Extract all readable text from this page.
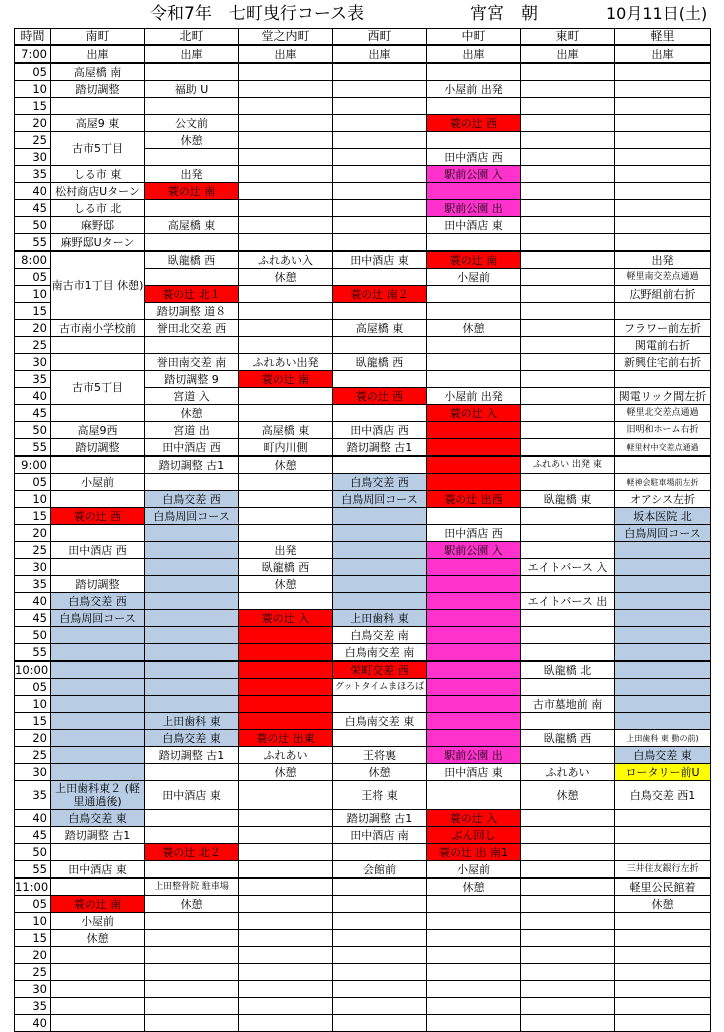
令和7年　七町曳行コース表	宵宮　朝	10月11日(土)
時間	南町	北町	堂之内町	西町	中町	東町	軽里
7:00	出庫	出庫	出庫	出庫	出庫	出庫	出庫
05	高屋橋 南						
10	踏切調整	福助 U			小屋前 出発		
15							
20	高屋9 東	公文前			蓑の辻 西		
25	古市5丁目	休憩					
30					田中酒店 西		
35	しる市 東	出発			駅前公園 入		
40	松村商店Uターン	蓑の辻 南					
45	しる市 北				駅前公園 出		
50	麻野邸	高屋橋 東			田中酒店 東		
55	麻野邸Uターン						
8:00	南古市1丁目 休憩)	臥龍橋 西	ふれあい入	田中酒店 東	蓑の辻 南		出発
05			休憩		小屋前		軽里南交差点通過
10		蓑の辻 北１		蓑の辻 南２			広野組前右折
15		踏切調整 道８					
20	古市南小学校前	誉田北交差 西		高屋橋 東	休憩		フラワー前左折
25							関電前右折
30		誉田南交差 南	ふれあい出発	臥龍橋 西			新興住宅前右折
35	古市5丁目	踏切調整 9	蓑の辻 南				
40		宮道 入		蓑の辻 西	小屋前 出発		関電リック間左折
45		休憩			蓑の辻 入		軽里北交差点通過
50	高屋9西	宮道 出	高屋橋 東	田中酒店 西			旧明和ホーム右折
55	踏切調整	田中酒店 西	町内川側	踏切調整 古1			軽里村中交差点通過
9:00		踏切調整 古1	休憩			ふれあい 出発 東	
05	小屋前			白鳥交差 西			軽神会駐車場前左折
10		白鳥交差 西		白鳥周回コース	蓑の辻 出西	臥龍橋 東	オアシス左折
15	蓑の辻 西	白鳥周回コース					坂本医院 北
20					田中酒店 西		白鳥周回コース
25	田中酒店 西		出発		駅前公園 入		
30			臥龍橋 西			エイトバース 入	
35	踏切調整		休憩				
40	白鳥交差 西					エイトバース 出	
45	白鳥周回コース		蓑の辻 入	上田歯科 東			
50				白鳥交差 南			
55				白鳥南交差 南			
10:00				栄町交差 西		臥龍橋 北	
05				グットタイムまほろば			
10						古市墓地前 南	
15		上田歯科 東		白鳥南交差 東			
20		白鳥交差 東	蓑の辻 出東			臥龍橋 西	上田歯科 東 動の前)
25		踏切調整 古1	ふれあい	王将裏	駅前公園 出		白鳥交差 東
30			休憩	休憩	田中酒店 東	ふれあい	ロータリー前U
35	上田歯科東２ (軽里通過後)	田中酒店 東		王将 東		休憩	白鳥交差 西1
40	白鳥交差 東			踏切調整 古1	蓑の辻 入		
45	踏切調整 古1			田中酒店 南	ぶん回し		
50		蓑の辻 北２			蓑の辻 出 南1		
55	田中酒店 東			会館前	小屋前		三井住友銀行左折
11:00		上田整骨院 駐車場			休憩		軽里公民館着
05	蓑の辻 南	休憩					休憩
10	小屋前						
15	休憩						
20							
25							
30							
35							
40							
